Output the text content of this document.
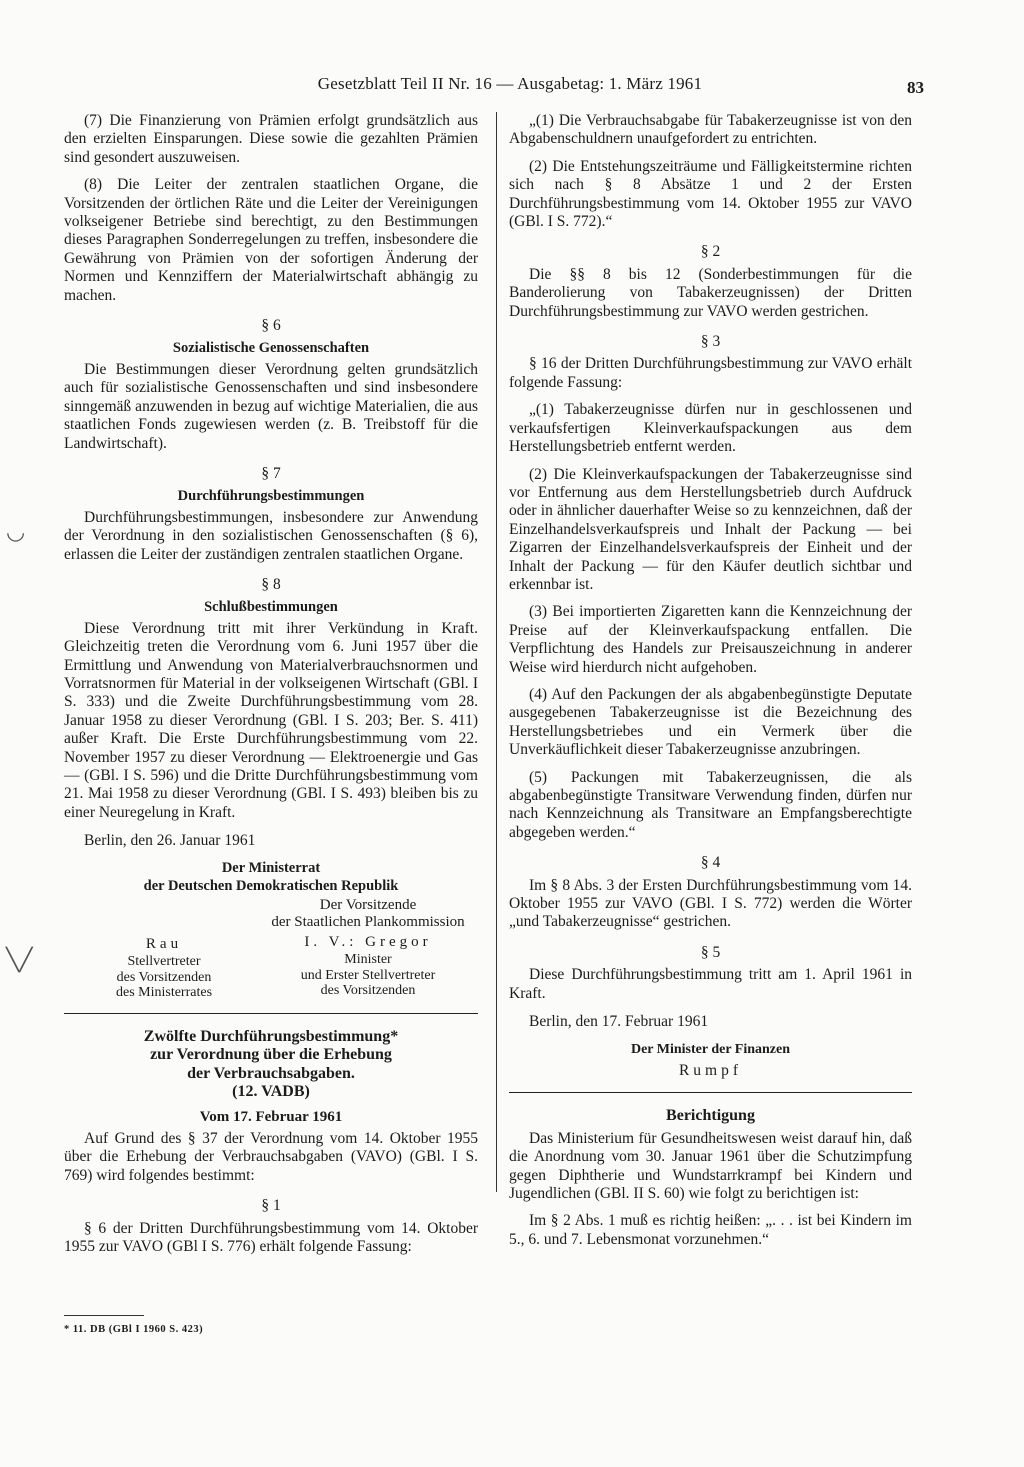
Gesetzblatt Teil II Nr. 16 — Ausgabetag: 1. März 1961	83
◡
╲╱

(7) Die Finanzierung von Prämien erfolgt grundsätzlich aus den erzielten Einsparungen. Diese sowie die gezahlten Prämien sind gesondert auszuweisen.

(8) Die Leiter der zentralen staatlichen Organe, die Vorsitzenden der örtlichen Räte und die Leiter der Vereinigungen volkseigener Betriebe sind berechtigt, zu den Bestimmungen dieses Paragraphen Sonderregelungen zu treffen, insbesondere die Gewährung von Prämien von der sofortigen Änderung der Normen und Kennziffern der Materialwirtschaft abhängig zu machen.

§ 6

Sozialistische Genossenschaften

Die Bestimmungen dieser Verordnung gelten grundsätzlich auch für sozialistische Genossenschaften und sind insbesondere sinngemäß anzuwenden in bezug auf wichtige Materialien, die aus staatlichen Fonds zugewiesen werden (z. B. Treibstoff für die Landwirtschaft).

§ 7

Durchführungsbestimmungen

Durchführungsbestimmungen, insbesondere zur Anwendung der Verordnung in den sozialistischen Genossenschaften (§ 6), erlassen die Leiter der zuständigen zentralen staatlichen Organe.

§ 8

Schlußbestimmungen

Diese Verordnung tritt mit ihrer Verkündung in Kraft. Gleichzeitig treten die Verordnung vom 6. Juni 1957 über die Ermittlung und Anwendung von Materialverbrauchsnormen und Vorratsnormen für Material in der volkseigenen Wirtschaft (GBl. I S. 333) und die Zweite Durchführungsbestimmung vom 28. Januar 1958 zu dieser Verordnung (GBl. I S. 203; Ber. S. 411) außer Kraft. Die Erste Durchführungsbestimmung vom 22. November 1957 zu dieser Verordnung — Elektroenergie und Gas — (GBl. I S. 596) und die Dritte Durchführungsbestimmung vom 21. Mai 1958 zu dieser Verordnung (GBl. I S. 493) bleiben bis zu einer Neuregelung in Kraft.

Berlin, den 26. Januar 1961

Der Ministerrat
der Deutschen Demokratischen Republik
Rau
Stellvertreter
des Vorsitzenden
des Ministerrates
Der Vorsitzende
der Staatlichen Plankommission
I. V.: Gregor
Minister
und Erster Stellvertreter
des Vorsitzenden
Zwölfte Durchführungsbestimmung*
zur Verordnung über die Erhebung
der Verbrauchsabgaben.
(12. VADB)
Vom 17. Februar 1961

Auf Grund des § 37 der Verordnung vom 14. Oktober 1955 über die Erhebung der Verbrauchsabgaben (VAVO) (GBl. I S. 769) wird folgendes bestimmt:

§ 1

§ 6 der Dritten Durchführungsbestimmung vom 14. Oktober 1955 zur VAVO (GBl I S. 776) erhält folgende Fassung:

* 11. DB (GBl I 1960 S. 423)

„(1) Die Verbrauchsabgabe für Tabakerzeugnisse ist von den Abgabenschuldnern unaufgefordert zu entrichten.

(2) Die Entstehungszeiträume und Fälligkeitstermine richten sich nach § 8 Absätze 1 und 2 der Ersten Durchführungsbestimmung vom 14. Oktober 1955 zur VAVO (GBl. I S. 772).“

§ 2

Die §§ 8 bis 12 (Sonderbestimmungen für die Banderolierung von Tabakerzeugnissen) der Dritten Durchführungsbestimmung zur VAVO werden gestrichen.

§ 3

§ 16 der Dritten Durchführungsbestimmung zur VAVO erhält folgende Fassung:

„(1) Tabakerzeugnisse dürfen nur in geschlossenen und verkaufsfertigen Kleinverkaufspackungen aus dem Herstellungsbetrieb entfernt werden.

(2) Die Kleinverkaufspackungen der Tabakerzeugnisse sind vor Entfernung aus dem Herstellungsbetrieb durch Aufdruck oder in ähnlicher dauerhafter Weise so zu kennzeichnen, daß der Einzelhandelsverkaufspreis und Inhalt der Packung — bei Zigarren der Einzelhandelsverkaufspreis der Einheit und der Inhalt der Packung — für den Käufer deutlich sichtbar und erkennbar ist.

(3) Bei importierten Zigaretten kann die Kennzeichnung der Preise auf der Kleinverkaufspackung entfallen. Die Verpflichtung des Handels zur Preisauszeichnung in anderer Weise wird hierdurch nicht aufgehoben.

(4) Auf den Packungen der als abgabenbegünstigte Deputate ausgegebenen Tabakerzeugnisse ist die Bezeichnung des Herstellungsbetriebes und ein Vermerk über die Unverkäuflichkeit dieser Tabakerzeugnisse anzubringen.

(5) Packungen mit Tabakerzeugnissen, die als abgabenbegünstigte Transitware Verwendung finden, dürfen nur nach Kennzeichnung als Transitware an Empfangsberechtigte abgegeben werden.“

§ 4

Im § 8 Abs. 3 der Ersten Durchführungsbestimmung vom 14. Oktober 1955 zur VAVO (GBl. I S. 772) werden die Wörter „und Tabakerzeugnisse“ gestrichen.

§ 5

Diese Durchführungsbestimmung tritt am 1. April 1961 in Kraft.

Berlin, den 17. Februar 1961

Der Minister der Finanzen
Rumpf
Berichtigung

Das Ministerium für Gesundheitswesen weist darauf hin, daß die Anordnung vom 30. Januar 1961 über die Schutzimpfung gegen Diphtherie und Wundstarrkrampf bei Kindern und Jugendlichen (GBl. II S. 60) wie folgt zu berichtigen ist:

Im § 2 Abs. 1 muß es richtig heißen: „. . . ist bei Kindern im 5., 6. und 7. Lebensmonat vorzunehmen.“
